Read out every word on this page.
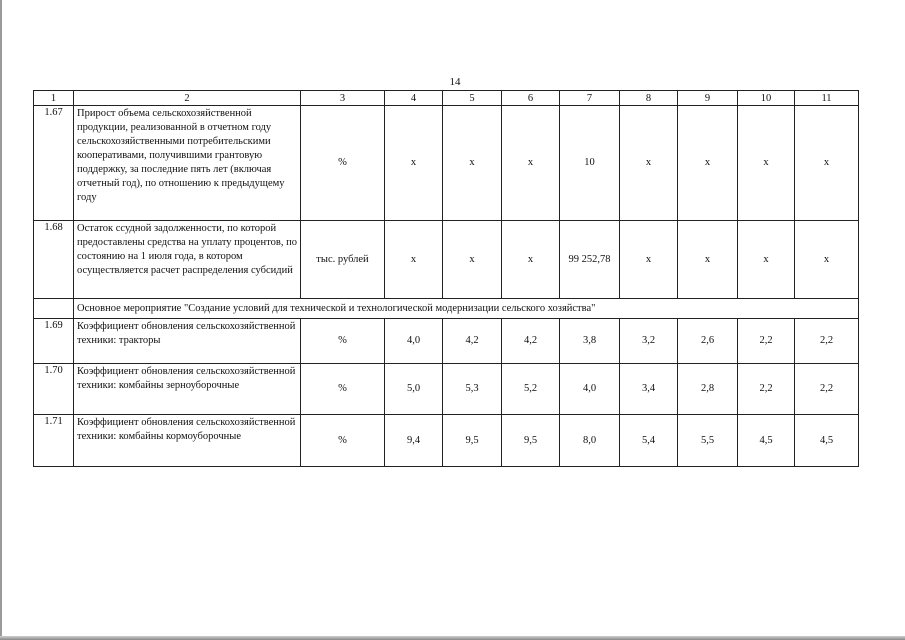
14
1	2	3	4	5	6	7	8	9	10	11
1.67	Прирост объема сельскохозяйственной продукции, реализованной в отчетном году сельскохозяйственными потребительскими кооперативами, получившими грантовую поддержку, за последние пять лет (включая отчетный год), по отношению к предыдущему году	%	x	x	x	10	x	x	x	x
1.68	Остаток ссудной задолженности, по которой предоставлены средства на уплату процентов, по состоянию на 1 июля года, в котором осуществляется расчет распределения субсидий	тыс. рублей	x	x	x	99 252,78	x	x	x	x
	Основное мероприятие "Создание условий для технической и технологической модернизации сельского хозяйства"									
1.69	Коэффициент обновления сельскохозяйственной техники: тракторы	%	4,0	4,2	4,2	3,8	3,2	2,6	2,2	2,2
1.70	Коэффициент обновления сельскохозяйственной техники: комбайны зерноуборочные	%	5,0	5,3	5,2	4,0	3,4	2,8	2,2	2,2
1.71	Коэффициент обновления сельскохозяйственной техники: комбайны кормоуборочные	%	9,4	9,5	9,5	8,0	5,4	5,5	4,5	4,5
